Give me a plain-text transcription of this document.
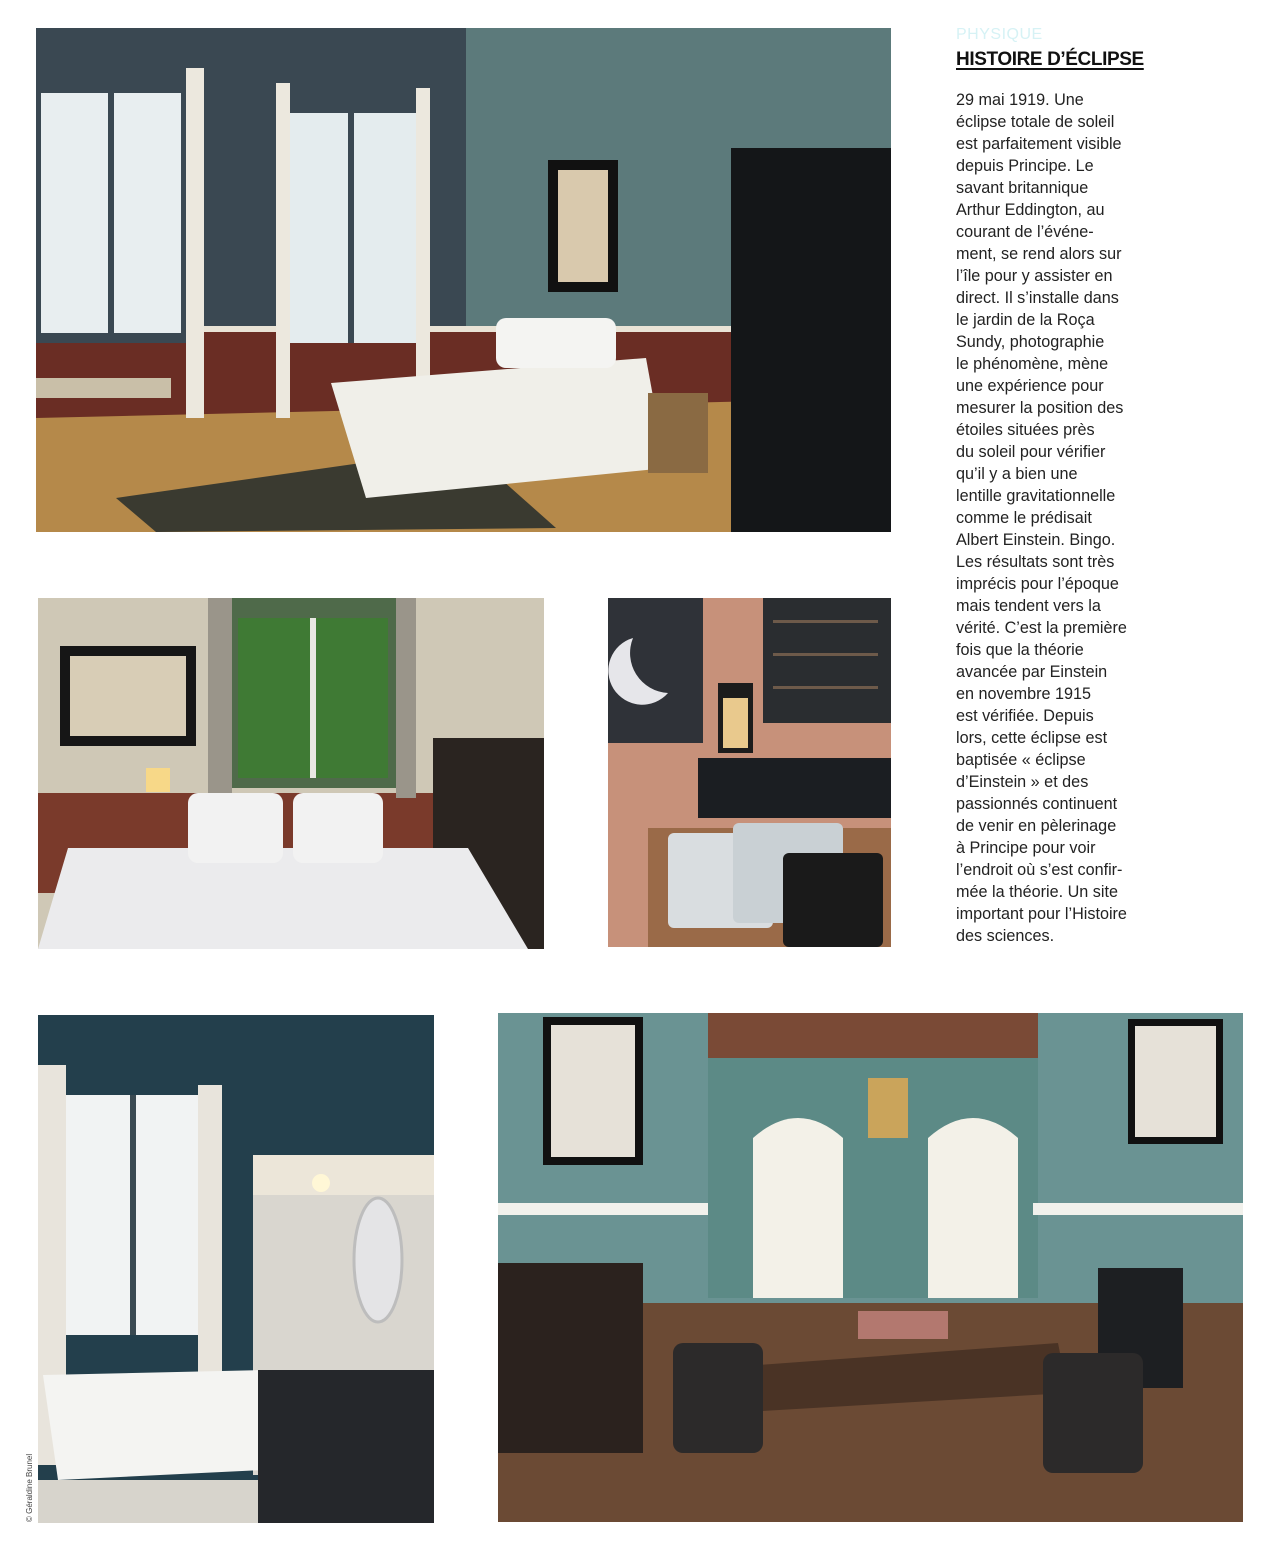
PHYSIQUE

HISTOIRE D’ÉCLIPSE
29 mai 1919. Une
éclipse totale de soleil
est parfaitement visible
depuis Principe. Le
savant britannique
Arthur Eddington, au
courant de l’événe-
ment, se rend alors sur
l’île pour y assister en
direct. Il s’installe dans
le jardin de la Roça
Sundy, photographie
le phénomène, mène
une expérience pour
mesurer la position des
étoiles situées près
du soleil pour vérifier
qu’il y a bien une
lentille gravitationnelle
comme le prédisait
Albert Einstein. Bingo.
Les résultats sont très
imprécis pour l’époque
mais tendent vers la
vérité. C’est la première
fois que la théorie
avancée par Einstein
en novembre 1915
est vérifiée. Depuis
lors, cette éclipse est
baptisée « éclipse
d’Einstein » et des
passionnés continuent
de venir en pèlerinage
à Principe pour voir
l’endroit où s’est confir-
mée la théorie. Un site
important pour l’Histoire
des sciences.
© Géraldine Brunel
